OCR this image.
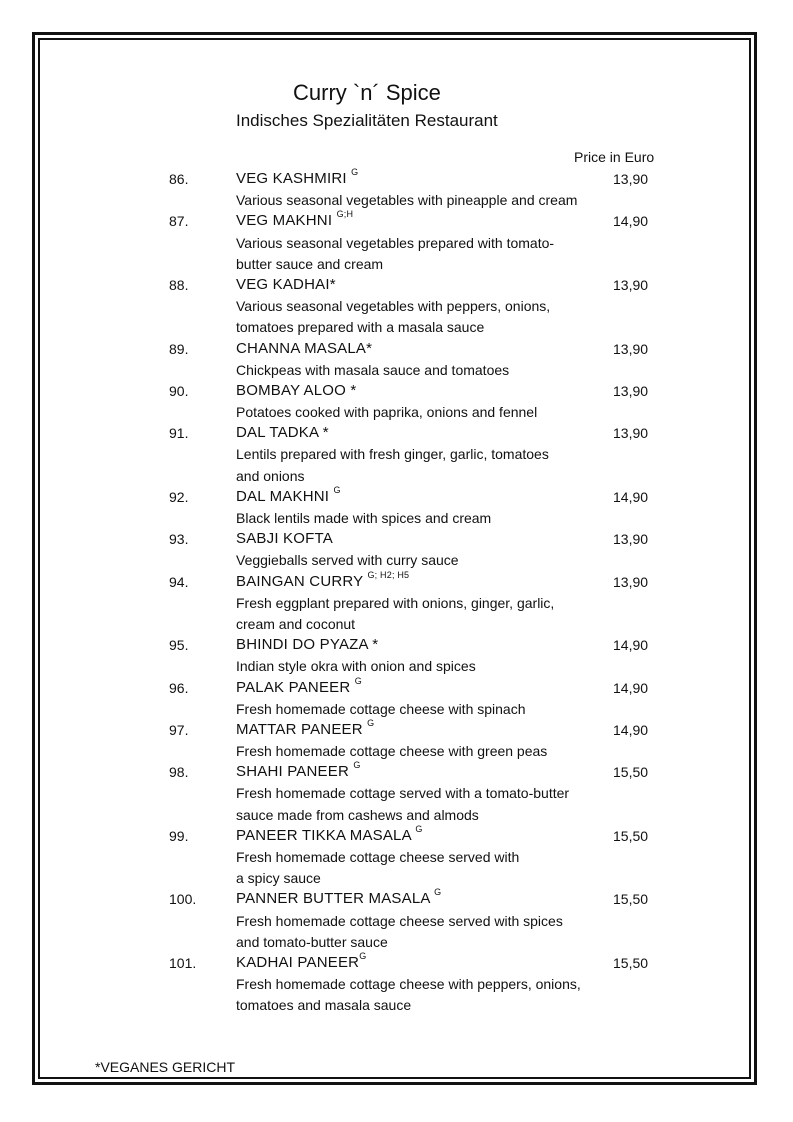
Curry `n´ Spice
Indisches Spezialitäten Restaurant
Price in Euro
86.	VEG KASHMIRI $^G$	13,90
Various seasonal vegetables with pineapple and cream
87.	VEG MAKHNI $^{G;H}$	14,90
Various seasonal vegetables prepared with tomato-
butter sauce and cream
88.	VEG KADHAI*	13,90
Various seasonal vegetables with peppers, onions,
tomatoes prepared with a masala sauce
89.	CHANNA MASALA*	13,90
Chickpeas with masala sauce and tomatoes
90.	BOMBAY ALOO *	13,90
Potatoes cooked with paprika, onions and fennel
91.	DAL TADKA *	13,90
Lentils prepared with fresh ginger, garlic, tomatoes
and onions
92.	DAL MAKHNI $^G$	14,90
Black lentils made with spices and cream
93.	SABJI KOFTA	13,90
Veggieballs served with curry sauce
94.	BAINGAN CURRY $^{G; H2; H5}$	13,90
Fresh eggplant prepared with onions, ginger, garlic,
cream and coconut
95.	BHINDI DO PYAZA *	14,90
Indian style okra with onion and spices
96.	PALAK PANEER $^G$	14,90
Fresh homemade cottage cheese with spinach
97.	MATTAR PANEER $^G$	14,90
Fresh homemade cottage cheese with green peas
98.	SHAHI PANEER $^G$	15,50
Fresh homemade cottage served with a tomato-butter
sauce made from cashews and almods
99.	PANEER TIKKA MASALA $^G$	15,50
Fresh homemade cottage cheese served with
a spicy sauce
100.	PANNER BUTTER MASALA $^G$	15,50
Fresh homemade cottage cheese served with spices
and tomato-butter sauce
101.	KADHAI $PANEER^G$	15,50
Fresh homemade cottage cheese with peppers, onions,
tomatoes and masala sauce
*VEGANES GERICHT
